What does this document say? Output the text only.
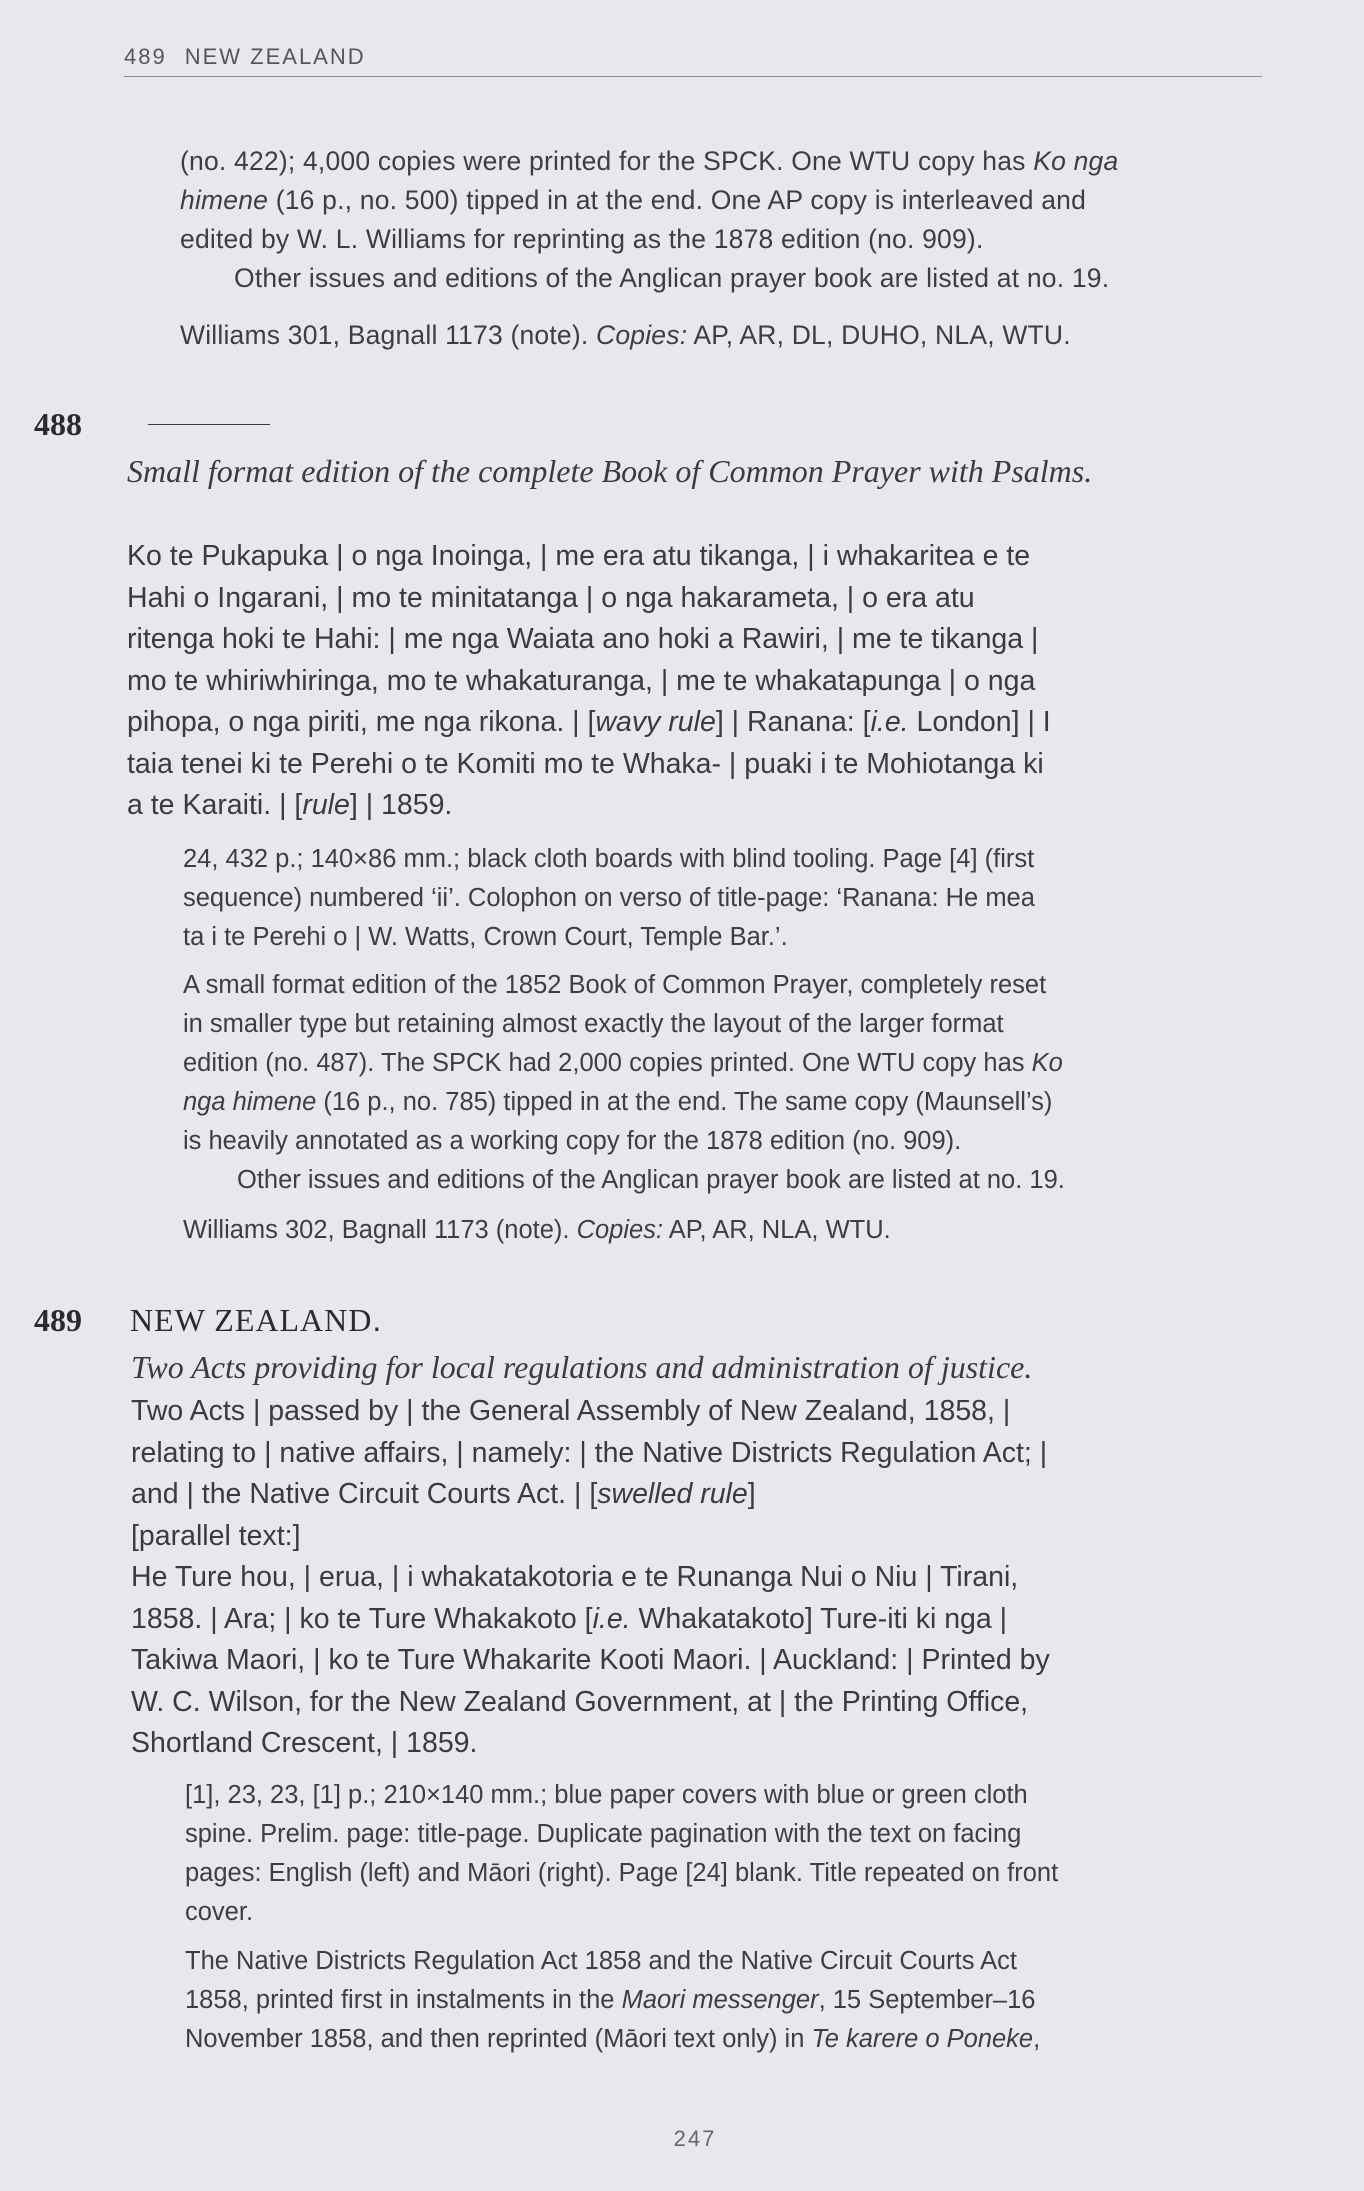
489 NEW ZEALAND

(no. 422); 4,000 copies were printed for the SPCK. One WTU copy has Ko nga

himene (16 p., no. 500) tipped in at the end. One AP copy is interleaved and

edited by W. L. Williams for reprinting as the 1878 edition (no. 909).

Other issues and editions of the Anglican prayer book are listed at no. 19.

Williams 301, Bagnall 1173 (note). Copies: AP, AR, DL, DUHO, NLA, WTU.
488
Small format edition of the complete Book of Common Prayer with Psalms.

Ko te Pukapuka | o nga Inoinga, | me era atu tikanga, | i whakaritea e te

Hahi o Ingarani, | mo te minitatanga | o nga hakarameta, | o era atu

ritenga hoki te Hahi: | me nga Waiata ano hoki a Rawiri, | me te tikanga |

mo te whiriwhiringa, mo te whakaturanga, | me te whakatapunga | o nga

pihopa, o nga piriti, me nga rikona. | [wavy rule] | Ranana: [i.e. London] | I

taia tenei ki te Perehi o te Komiti mo te Whaka- | puaki i te Mohiotanga ki

a te Karaiti. | [rule] | 1859.

24, 432 p.; 140×86 mm.; black cloth boards with blind tooling. Page [4] (first

sequence) numbered ‘ii’. Colophon on verso of title-page: ‘Ranana: He mea

ta i te Perehi o | W. Watts, Crown Court, Temple Bar.’.

A small format edition of the 1852 Book of Common Prayer, completely reset

in smaller type but retaining almost exactly the layout of the larger format

edition (no. 487). The SPCK had 2,000 copies printed. One WTU copy has Ko

nga himene (16 p., no. 785) tipped in at the end. The same copy (Maunsell’s)

is heavily annotated as a working copy for the 1878 edition (no. 909).

Other issues and editions of the Anglican prayer book are listed at no. 19.

Williams 302, Bagnall 1173 (note). Copies: AP, AR, NLA, WTU.
489 NEW ZEALAND.
Two Acts providing for local regulations and administration of justice.

Two Acts | passed by | the General Assembly of New Zealand, 1858, |

relating to | native affairs, | namely: | the Native Districts Regulation Act; |

and | the Native Circuit Courts Act. | [swelled rule]

[parallel text:]

He Ture hou, | erua, | i whakatakotoria e te Runanga Nui o Niu | Tirani,

1858. | Ara; | ko te Ture Whakakoto [i.e. Whakatakoto] Ture-iti ki nga |

Takiwa Maori, | ko te Ture Whakarite Kooti Maori. | Auckland: | Printed by

W. C. Wilson, for the New Zealand Government, at | the Printing Office,

Shortland Crescent, | 1859.

[1], 23, 23, [1] p.; 210×140 mm.; blue paper covers with blue or green cloth

spine. Prelim. page: title-page. Duplicate pagination with the text on facing

pages: English (left) and Māori (right). Page [24] blank. Title repeated on front

cover.

The Native Districts Regulation Act 1858 and the Native Circuit Courts Act

1858, printed first in instalments in the Maori messenger, 15 September–16

November 1858, and then reprinted (Māori text only) in Te karere o Poneke,

247
